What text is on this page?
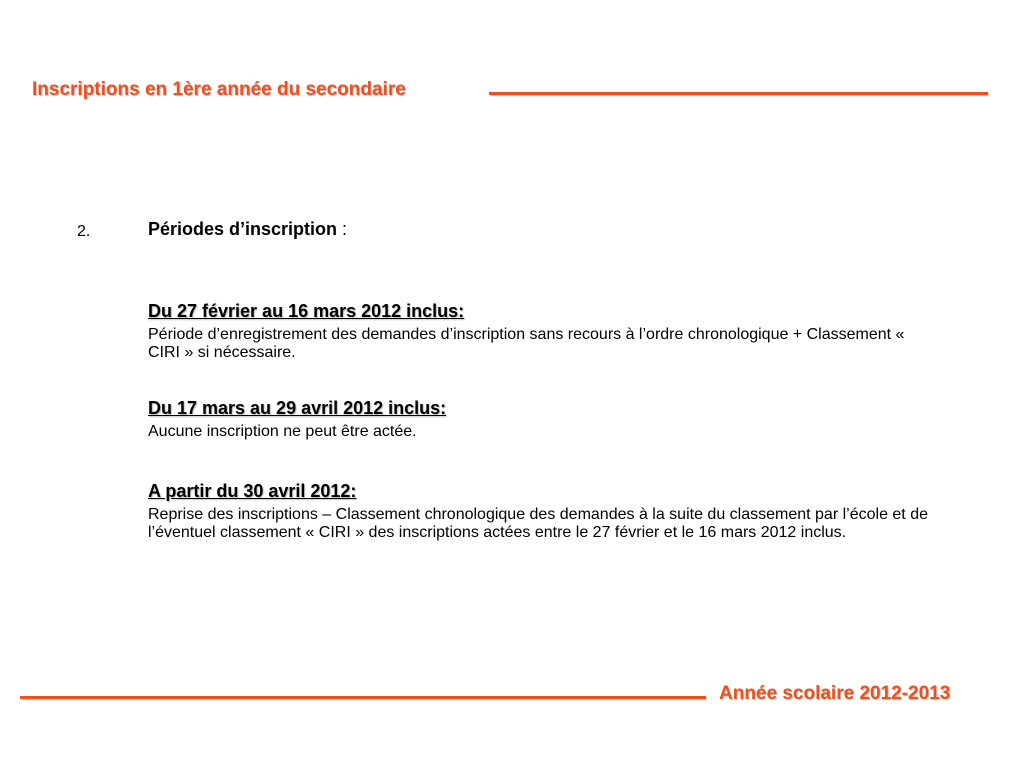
Inscriptions en 1ère année du secondaire
2.	Périodes d’inscription :
Du 27 février au 16 mars 2012 inclus:

Période d’enregistrement des demandes d’inscription sans recours à l’ordre chronologique + Classement « CIRI » si nécessaire.

Du 17 mars au 29 avril 2012 inclus:

Aucune inscription ne peut être actée.

A partir du 30 avril 2012:

Reprise des inscriptions – Classement chronologique des demandes à la suite du classement par l’école et de l’éventuel classement « CIRI » des inscriptions actées entre le 27 février et le 16 mars 2012 inclus.

Année scolaire 2012-2013
